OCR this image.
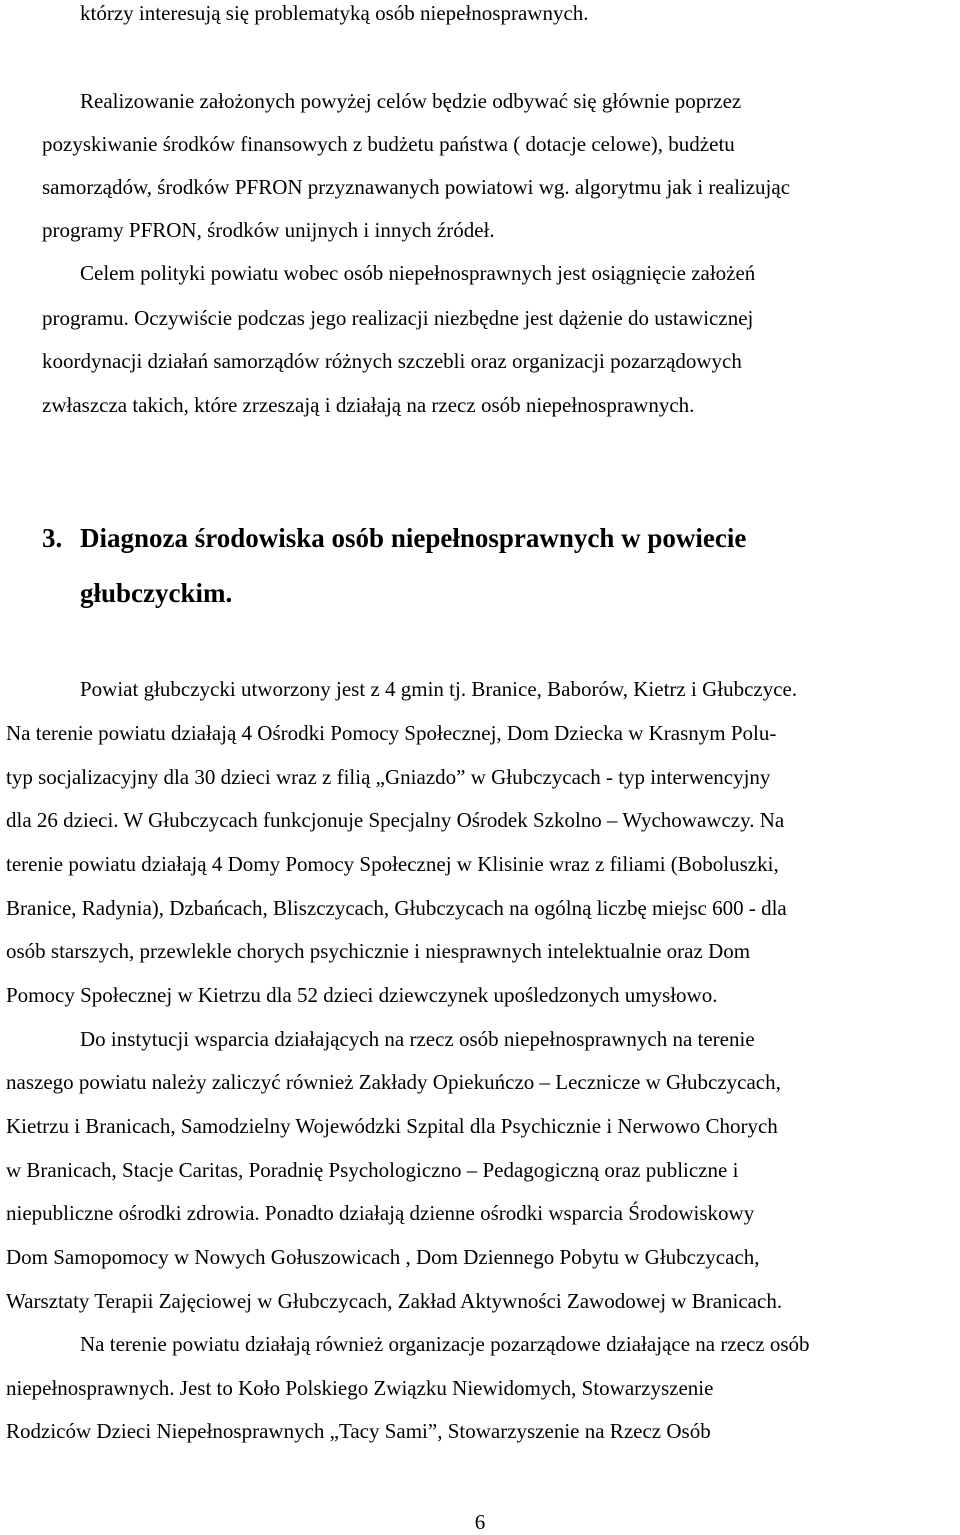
którzy interesują się problematyką osób niepełnosprawnych.
Realizowanie założonych powyżej celów będzie odbywać się głównie poprzez
pozyskiwanie środków finansowych z budżetu państwa ( dotacje celowe), budżetu
samorządów, środków PFRON przyznawanych powiatowi wg. algorytmu jak i realizując
programy PFRON, środków unijnych i innych źródeł.
Celem polityki powiatu wobec osób niepełnosprawnych jest osiągnięcie założeń
programu. Oczywiście podczas jego realizacji niezbędne jest dążenie do ustawicznej
koordynacji działań samorządów różnych szczebli oraz organizacji pozarządowych
zwłaszcza takich, które zrzeszają i działają na rzecz osób niepełnosprawnych.
3. Diagnoza środowiska osób niepełnosprawnych w powiecie
głubczyckim.
Powiat głubczycki utworzony jest z 4 gmin tj. Branice, Baborów, Kietrz i Głubczyce.
Na terenie powiatu działają 4 Ośrodki Pomocy Społecznej, Dom Dziecka w Krasnym Polu-
typ socjalizacyjny dla 30 dzieci wraz z filią „Gniazdo” w Głubczycach - typ interwencyjny
dla 26 dzieci. W Głubczycach funkcjonuje Specjalny Ośrodek Szkolno – Wychowawczy. Na
terenie powiatu działają 4 Domy Pomocy Społecznej w Klisinie wraz z filiami (Boboluszki,
Branice, Radynia), Dzbańcach, Bliszczycach, Głubczycach na ogólną liczbę miejsc 600 - dla
osób starszych, przewlekle chorych psychicznie i niesprawnych intelektualnie oraz Dom
Pomocy Społecznej w Kietrzu dla 52 dzieci dziewczynek upośledzonych umysłowo.
Do instytucji wsparcia działających na rzecz osób niepełnosprawnych na terenie
naszego powiatu należy zaliczyć również Zakłady Opiekuńczo – Lecznicze w Głubczycach,
Kietrzu i Branicach, Samodzielny Wojewódzki Szpital dla Psychicznie i Nerwowo Chorych
w Branicach, Stacje Caritas, Poradnię Psychologiczno – Pedagogiczną oraz publiczne i
niepubliczne ośrodki zdrowia. Ponadto działają dzienne ośrodki wsparcia Środowiskowy
Dom Samopomocy w Nowych Gołuszowicach , Dom Dziennego Pobytu w Głubczycach,
Warsztaty Terapii Zajęciowej w Głubczycach, Zakład Aktywności Zawodowej w Branicach.
Na terenie powiatu działają również organizacje pozarządowe działające na rzecz osób
niepełnosprawnych. Jest to Koło Polskiego Związku Niewidomych, Stowarzyszenie
Rodziców Dzieci Niepełnosprawnych „Tacy Sami”, Stowarzyszenie na Rzecz Osób
6
